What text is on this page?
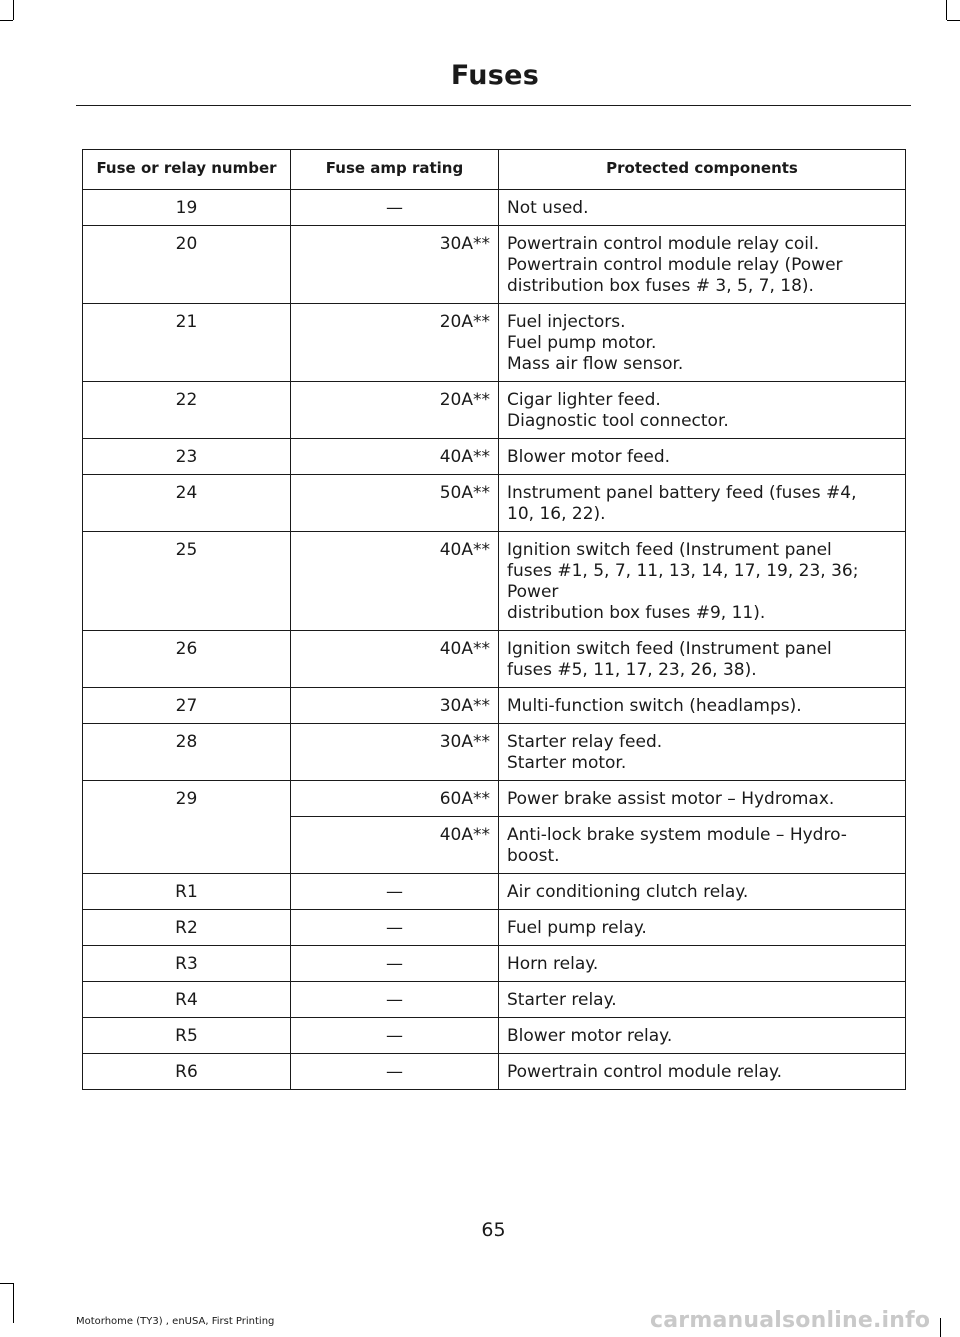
Fuses
Fuse or relay number	Fuse amp rating	Protected components
19	—	Not used.

20	30A**	Powertrain control module relay coil.
Powertrain control module relay (Power
distribution box fuses # 3, 5, 7, 18).

21	20A**	Fuel injectors.
Fuel pump motor.
Mass air flow sensor.

22	20A**	Cigar lighter feed.
Diagnostic tool connector.

23	40A**	Blower motor feed.

24	50A**	Instrument panel battery feed (fuses #4,
10, 16, 22).

25	40A**	Ignition switch feed (Instrument panel
fuses #1, 5, 7, 11, 13, 14, 17, 19, 23, 36; Power
distribution box fuses #9, 11).

26	40A**	Ignition switch feed (Instrument panel
fuses #5, 11, 17, 23, 26, 38).

27	30A**	Multi-function switch (headlamps).

28	30A**	Starter relay feed.
Starter motor.

29	60A**	Power brake assist motor – Hydromax.

	40A**	Anti-lock brake system module – Hydro-
boost.

R1	—	Air conditioning clutch relay.

R2	—	Fuel pump relay.

R3	—	Horn relay.

R4	—	Starter relay.

R5	—	Blower motor relay.

R6	—	Powertrain control module relay.
65
Motorhome (TY3) , enUSA, First Printing	carmanualsonline.info
